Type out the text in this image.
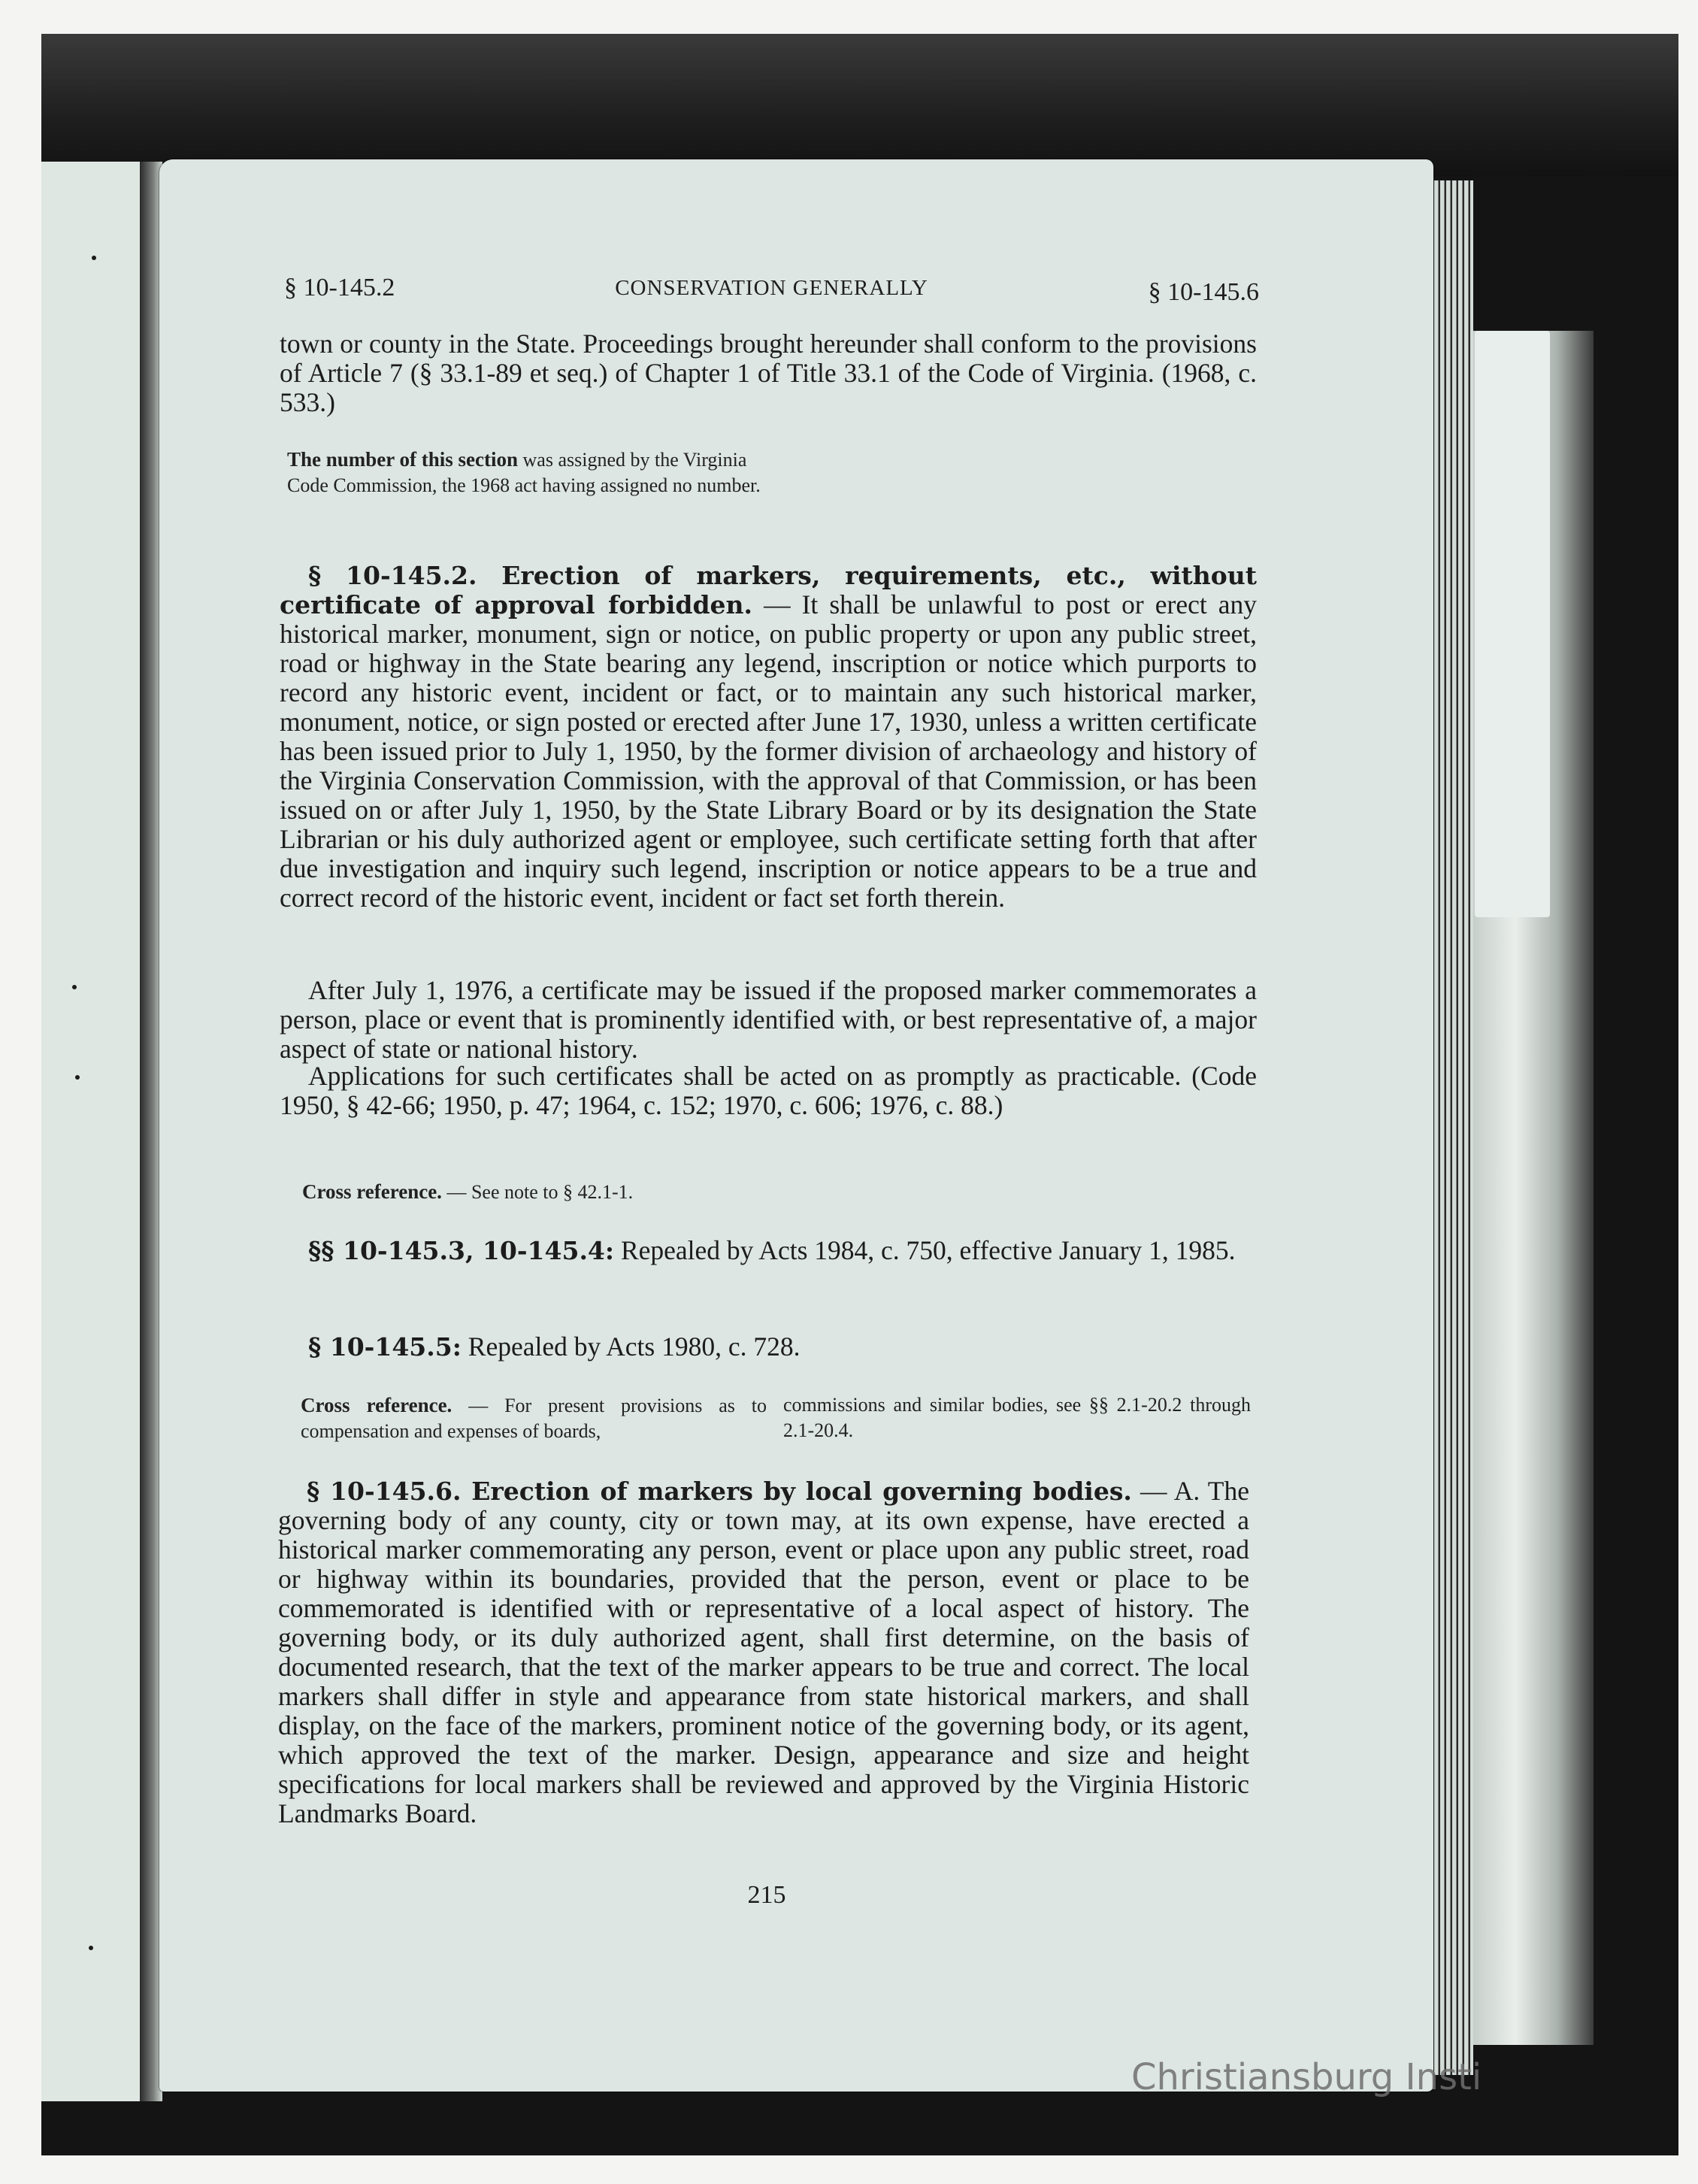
§ 10-145.2	CONSERVATION GENERALLY	§ 10-145.6

town or county in the State. Proceedings brought hereunder shall conform to the provisions of Article 7 (§ 33.1-89 et seq.) of Chapter 1 of Title 33.1 of the Code of Virginia. (1968, c. 533.)

The number of this section was assigned by the Virginia Code Commission, the 1968 act having assigned no number.

§ 10-145.2. Erection of markers, requirements, etc., without certificate of approval forbidden. — It shall be unlawful to post or erect any historical marker, monument, sign or notice, on public property or upon any public street, road or highway in the State bearing any legend, inscription or notice which purports to record any historic event, incident or fact, or to maintain any such historical marker, monument, notice, or sign posted or erected after June 17, 1930, unless a written certificate has been issued prior to July 1, 1950, by the former division of archaeology and history of the Virginia Conservation Commission, with the approval of that Commission, or has been issued on or after July 1, 1950, by the State Library Board or by its designation the State Librarian or his duly authorized agent or employee, such certificate setting forth that after due investigation and inquiry such legend, inscription or notice appears to be a true and correct record of the historic event, incident or fact set forth therein.

After July 1, 1976, a certificate may be issued if the proposed marker commemorates a person, place or event that is prominently identified with, or best representative of, a major aspect of state or national history.

Applications for such certificates shall be acted on as promptly as practicable. (Code 1950, § 42-66; 1950, p. 47; 1964, c. 152; 1970, c. 606; 1976, c. 88.)

Cross reference. — See note to § 42.1-1.

§§ 10-145.3, 10-145.4: Repealed by Acts 1984, c. 750, effective January 1, 1985.

§ 10-145.5: Repealed by Acts 1980, c. 728.

Cross reference. — For present provisions as to compensation and expenses of boards,

commissions and similar bodies, see §§ 2.1-20.2 through 2.1-20.4.

§ 10-145.6. Erection of markers by local governing bodies. — A. The governing body of any county, city or town may, at its own expense, have erected a historical marker commemorating any person, event or place upon any public street, road or highway within its boundaries, provided that the person, event or place to be commemorated is identified with or representative of a local aspect of history. The governing body, or its duly authorized agent, shall first determine, on the basis of documented research, that the text of the marker appears to be true and correct. The local markers shall differ in style and appearance from state historical markers, and shall display, on the face of the markers, prominent notice of the governing body, or its agent, which approved the text of the marker. Design, appearance and size and height specifications for local markers shall be reviewed and approved by the Virginia Historic Landmarks Board.

215
Christiansburg Insti
